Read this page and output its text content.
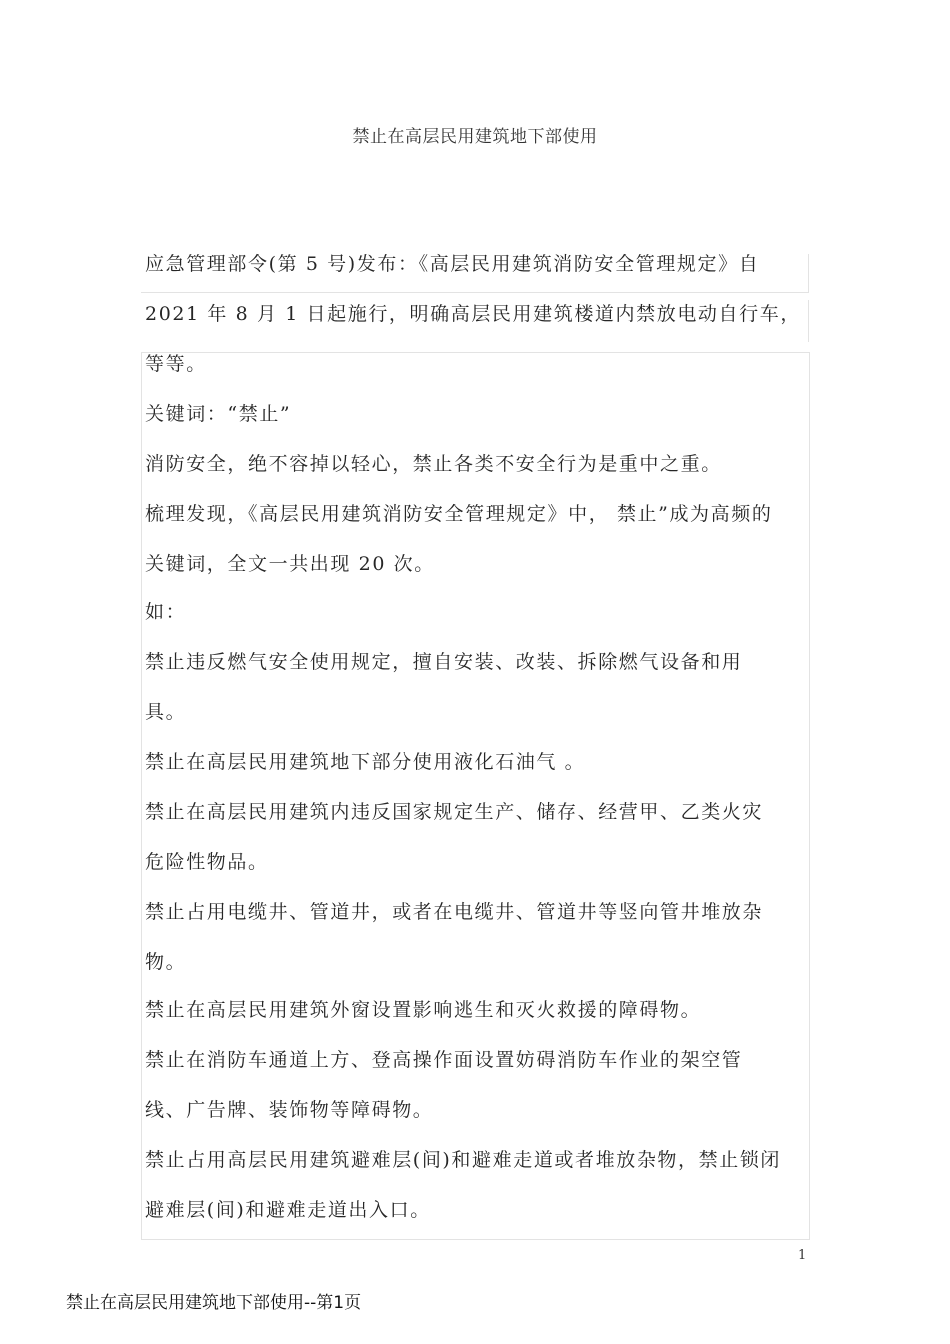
禁止在高层民用建筑地下部使用
应急管理部令(第 5 号)发布：《高层民用建筑消防安全管理规定》自
2021 年 8 月 1 日起施行，明确高层民用建筑楼道内禁放电动自行车，
等等。
关键词：“禁止”
消防安全，绝不容掉以轻心，禁止各类不安全行为是重中之重。
梳理发现，《高层民用建筑消防安全管理规定》中， 禁止”成为高频的
关键词，全文一共出现 20 次。
如：
禁止违反燃气安全使用规定，擅自安装、改装、拆除燃气设备和用
具。
禁止在高层民用建筑地下部分使用液化石油气 。
禁止在高层民用建筑内违反国家规定生产、储存、经营甲、乙类火灾
危险性物品。
禁止占用电缆井、管道井，或者在电缆井、管道井等竖向管井堆放杂
物。
禁止在高层民用建筑外窗设置影响逃生和灭火救援的障碍物。
禁止在消防车通道上方、登高操作面设置妨碍消防车作业的架空管
线、广告牌、装饰物等障碍物。
禁止占用高层民用建筑避难层(间)和避难走道或者堆放杂物，禁止锁闭
避难层(间)和避难走道出入口。
1
禁止在高层民用建筑地下部使用--第1页
